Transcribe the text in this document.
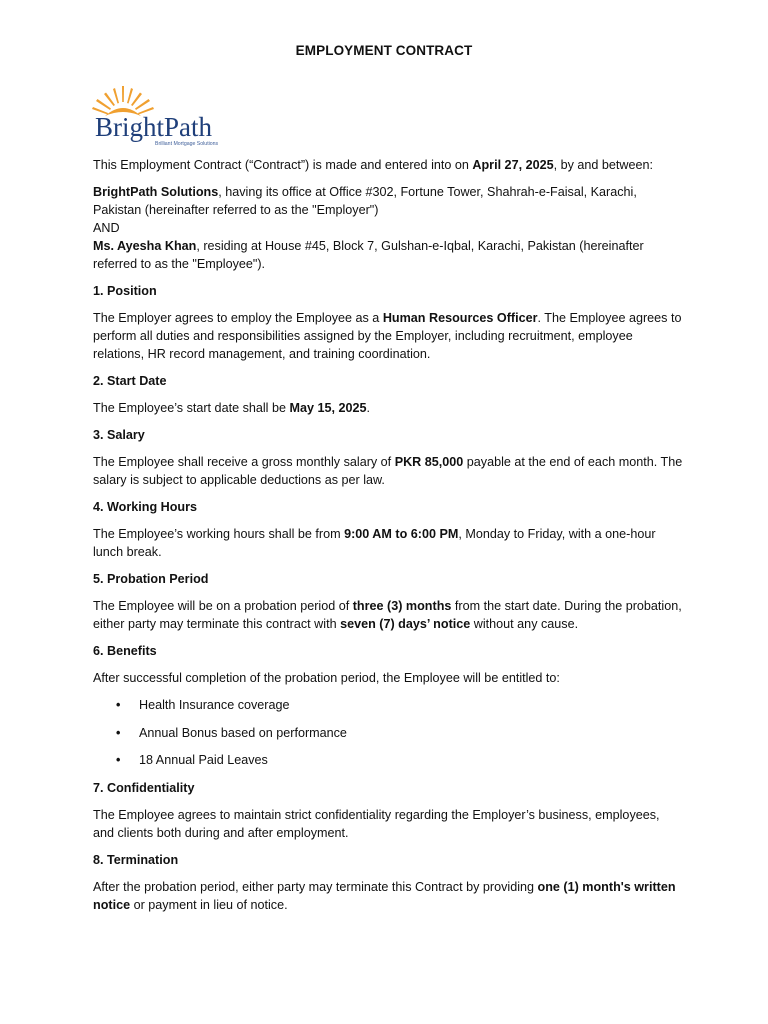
EMPLOYMENT CONTRACT
BrightPath
Brilliant Mortgage Solutions

This Employment Contract (“Contract”) is made and entered into on April 27, 2025, by and between:

BrightPath Solutions, having its office at Office #302, Fortune Tower, Shahrah-e-Faisal, Karachi, Pakistan (hereinafter referred to as the "Employer")

AND

Ms. Ayesha Khan, residing at House #45, Block 7, Gulshan-e-Iqbal, Karachi, Pakistan (hereinafter referred to as the "Employee").

1. Position

The Employer agrees to employ the Employee as a Human Resources Officer. The Employee agrees to perform all duties and responsibilities assigned by the Employer, including recruitment, employee relations, HR record management, and training coordination.

2. Start Date

The Employee’s start date shall be May 15, 2025.

3. Salary

The Employee shall receive a gross monthly salary of PKR 85,000 payable at the end of each month. The salary is subject to applicable deductions as per law.

4. Working Hours

The Employee’s working hours shall be from 9:00 AM to 6:00 PM, Monday to Friday, with a one-hour lunch break.

5. Probation Period

The Employee will be on a probation period of three (3) months from the start date. During the probation, either party may terminate this contract with seven (7) days’ notice without any cause.

6. Benefits

After successful completion of the probation period, the Employee will be entitled to:

• Health Insurance coverage
• Annual Bonus based on performance
• 18 Annual Paid Leaves

7. Confidentiality

The Employee agrees to maintain strict confidentiality regarding the Employer’s business, employees, and clients both during and after employment.

8. Termination

After the probation period, either party may terminate this Contract by providing one (1) month's written notice or payment in lieu of notice.
